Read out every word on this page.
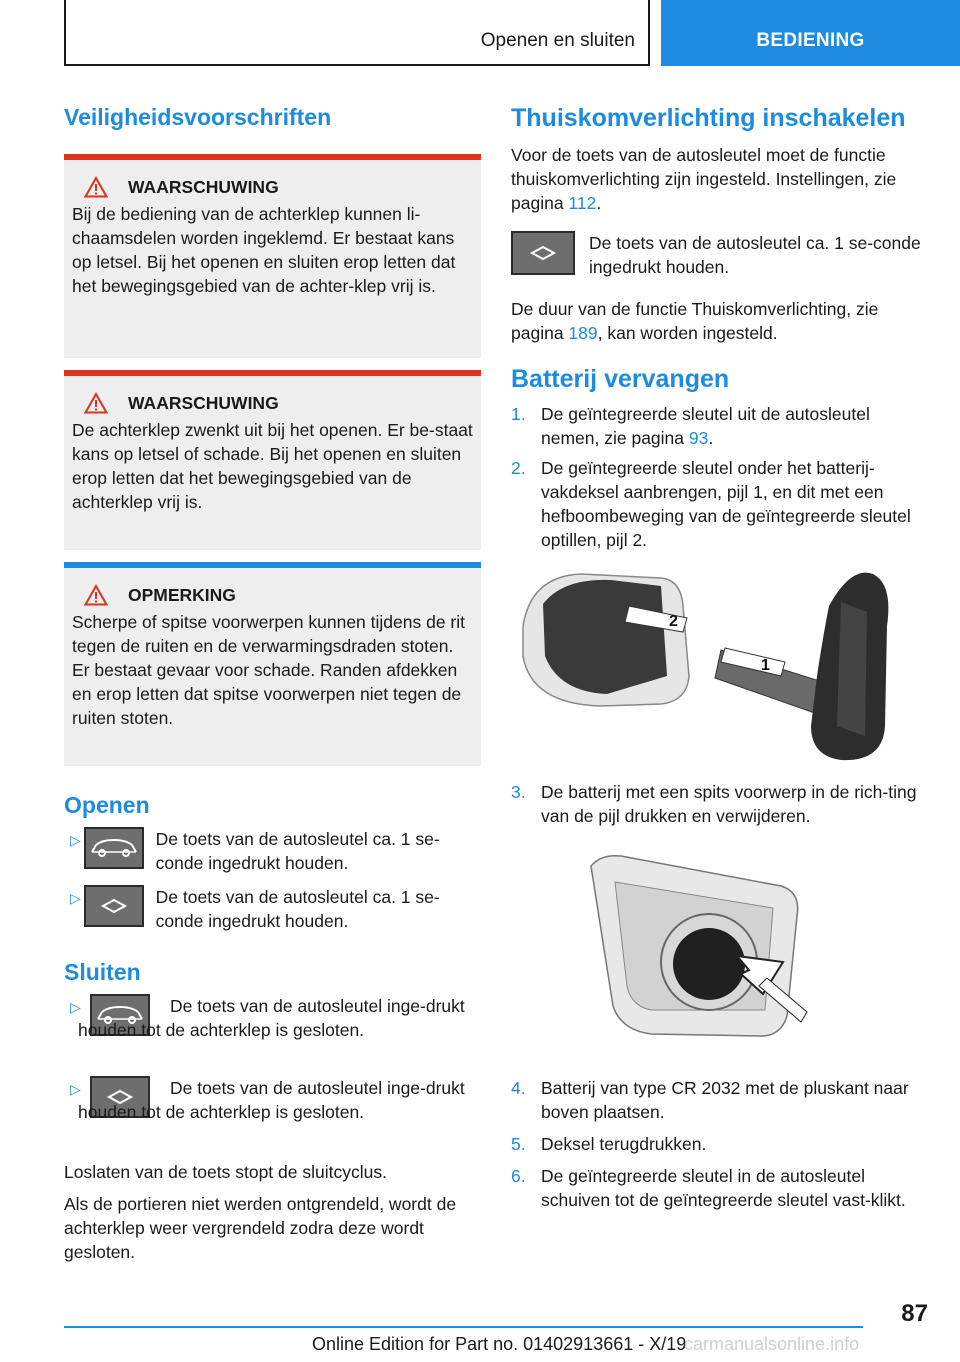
Openen en sluiten	BEDIENING
Veiligheidsvoorschriften
WAARSCHUWING

Bij de bediening van de achterklep kunnen li-chaamsdelen worden ingeklemd. Er bestaat kans op letsel. Bij het openen en sluiten erop letten dat het bewegingsgebied van de achter-klep vrij is.

WAARSCHUWING

De achterklep zwenkt uit bij het openen. Er be-staat kans op letsel of schade. Bij het openen en sluiten erop letten dat het bewegingsgebied van de achterklep vrij is.

OPMERKING

Scherpe of spitse voorwerpen kunnen tijdens de rit tegen de ruiten en de verwarmingsdraden stoten. Er bestaat gevaar voor schade. Randen afdekken en erop letten dat spitse voorwerpen niet tegen de ruiten stoten.

Openen
▷	De toets van de autosleutel ca. 1 se-conde ingedrukt houden.
▷	De toets van de autosleutel ca. 1 se-conde ingedrukt houden.
Sluiten
▷	De toets van de autosleutel inge-drukt houden tot de achterklep is gesloten.
▷	De toets van de autosleutel inge-drukt houden tot de achterklep is gesloten.

Loslaten van de toets stopt de sluitcyclus.

Als de portieren niet werden ontgrendeld, wordt de achterklep weer vergrendeld zodra deze wordt gesloten.

Thuiskomverlichting inschakelen

Voor de toets van de autosleutel moet de functie thuiskomverlichting zijn ingesteld. Instellingen, zie pagina 112.

De toets van de autosleutel ca. 1 se-conde ingedrukt houden.

De duur van de functie Thuiskomverlichting, zie pagina 189, kan worden ingesteld.

Batterij vervangen
1. De geïntegreerde sleutel uit de autosleutel nemen, zie pagina 93.
2. De geïntegreerde sleutel onder het batterij-vakdeksel aanbrengen, pijl 1, en dit met een hefboombeweging van de geïntegreerde sleutel optillen, pijl 2.
2
1
3. De batterij met een spits voorwerp in de rich-ting van de pijl drukken en verwijderen.
4. Batterij van type CR 2032 met de pluskant naar boven plaatsen.
5. Deksel terugdrukken.
6. De geïntegreerde sleutel in de autosleutel schuiven tot de geïntegreerde sleutel vast-klikt.
87
Online Edition for Part no. 01402913661 - X/19
carmanualsonline.info
